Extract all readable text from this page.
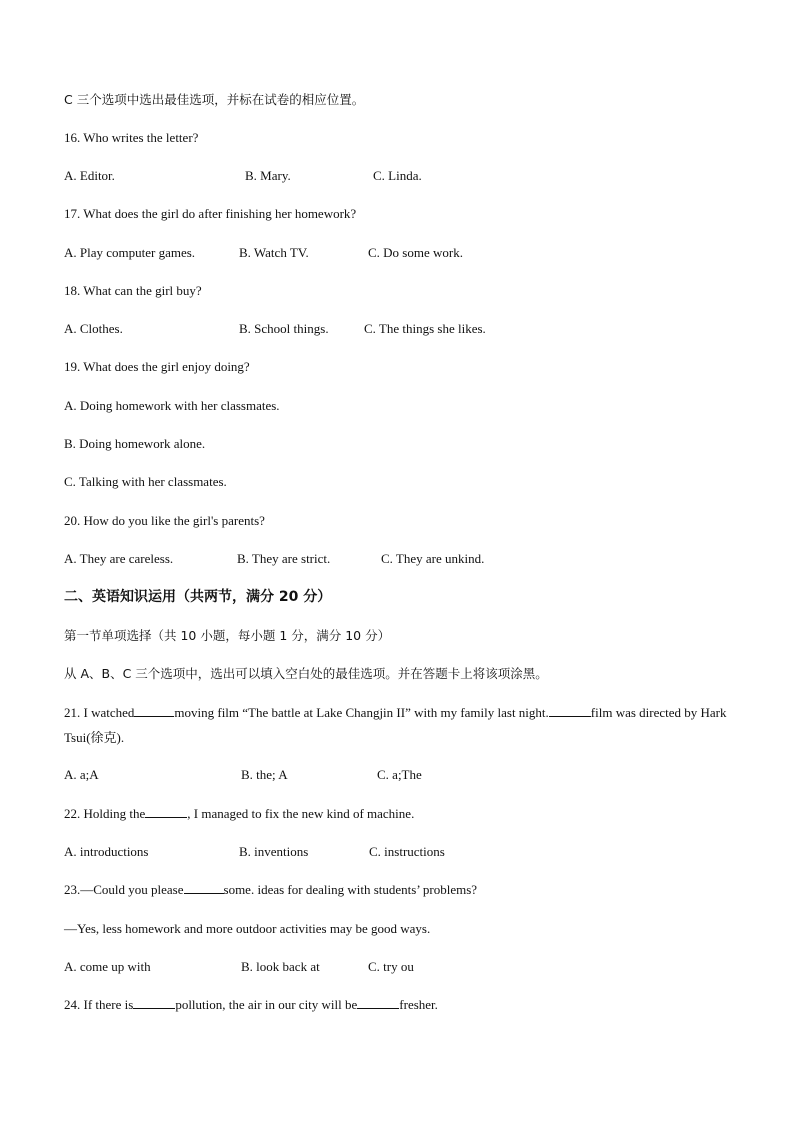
C 三个选项中选出最佳选项，并标在试卷的相应位置。
16. Who writes the letter?
A. Editor.	B. Mary.	C. Linda.
17. What does the girl do after finishing her homework?
A. Play computer games.	B. Watch TV.	C. Do some work.
18. What can the girl buy?
A. Clothes.	B. School things.	C. The things she likes.
19. What does the girl enjoy doing?
A. Doing homework with her classmates.
B. Doing homework alone.
C. Talking with her classmates.
20. How do you like the girl's parents?
A. They are careless.	B. They are strict.	C. They are unkind.
二、英语知识运用（共两节，满分 20 分）
第一节单项选择（共 10 小题，每小题 1 分，满分 10 分）
从 A、B、C 三个选项中，选出可以填入空白处的最佳选项。并在答题卡上将该项涂黑。
21. I watched	moving film “The battle at Lake Changjin II” with my family last night.	film was directed by Hark Tsui(徐克).
A. a;A	B. the; A	C. a;The
22. Holding the	, I managed to fix the new kind of machine.
A. introductions	B. inventions	C. instructions
23.—Could you please	some. ideas for dealing with students’ problems?
—Yes, less homework and more outdoor activities may be good ways.
A. come up with	B. look back at	C. try ou
24. If there is	pollution, the air in our city will be	fresher.
